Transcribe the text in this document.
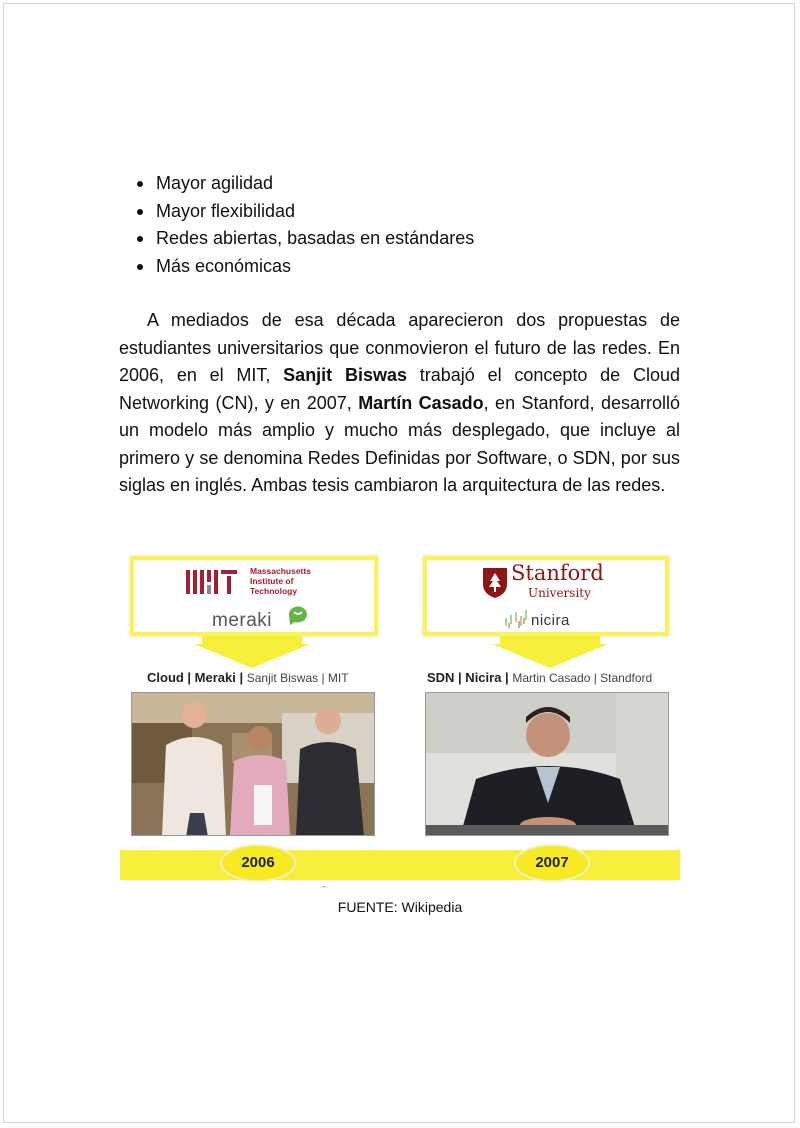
Mayor agilidad
Mayor flexibilidad
Redes abiertas, basadas en estándares
Más económicas

A mediados de esa década aparecieron dos propuestas de estudiantes universitarios que conmovieron el futuro de las redes. En 2006, en el MIT, Sanjit Biswas trabajó el concepto de Cloud Networking (CN), y en 2007, Martín Casado, en Stanford, desarrolló un modelo más amplio y mucho más desplegado, que incluye al primero y se denomina Redes Definidas por Software, o SDN, por sus siglas en inglés. Ambas tesis cambiaron la arquitectura de las redes.

Massachusetts Institute of Technology
meraki
Stanford
University
nicira
Cloud | Meraki | Sanjit Biswas | MIT	SDN | Nicira | Martin Casado | Standford
2006	2007
FUENTE: Wikipedia
